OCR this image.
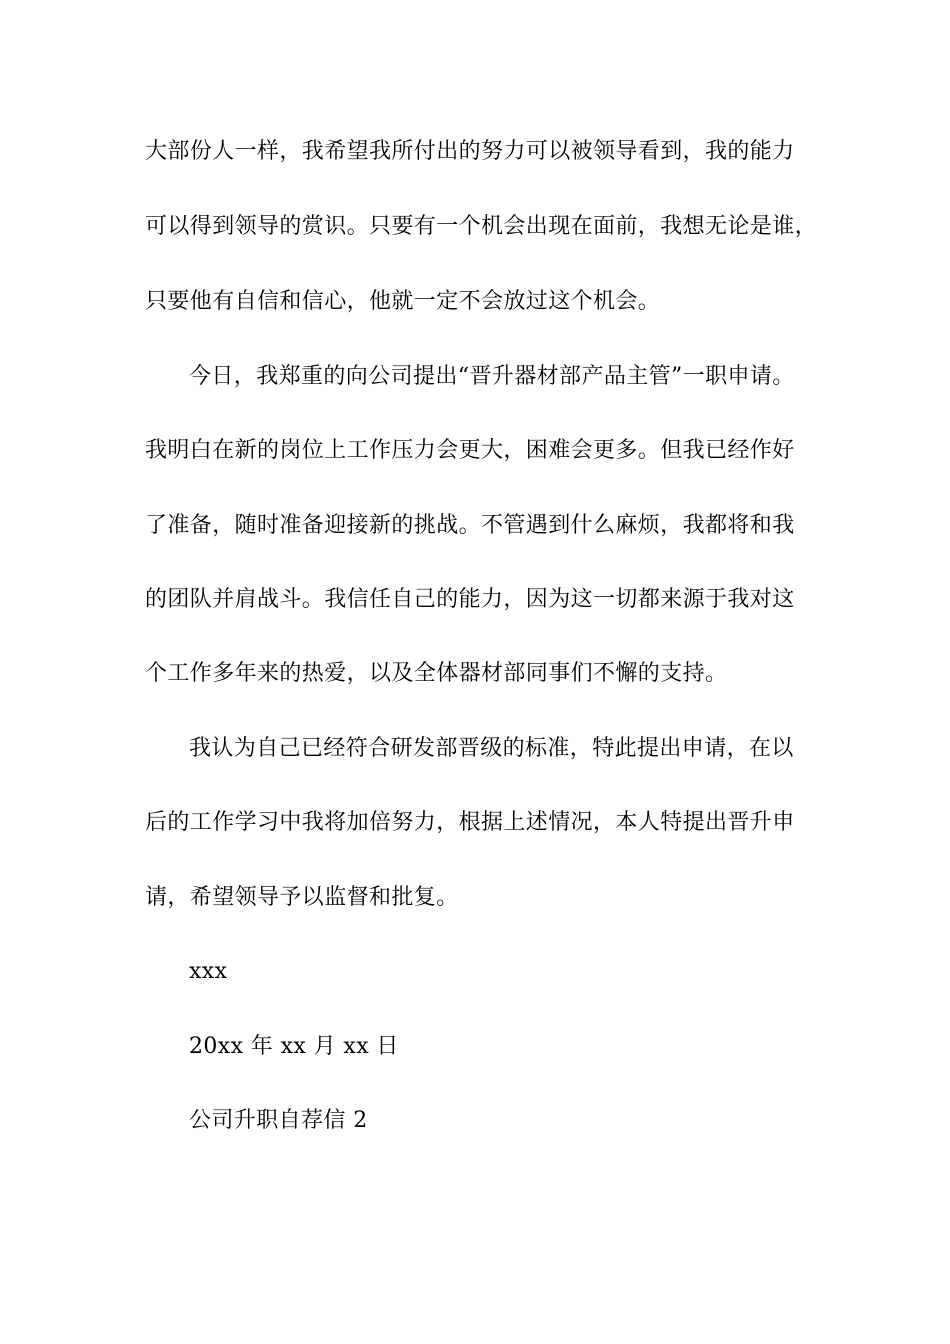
大部份人一样，我希望我所付出的努力可以被领导看到，我的能力
可以得到领导的赏识。只要有一个机会出现在面前，我想无论是谁，
只要他有自信和信心，他就一定不会放过这个机会。
今日，我郑重的向公司提出“晋升器材部产品主管”一职申请。
我明白在新的岗位上工作压力会更大，困难会更多。但我已经作好
了准备，随时准备迎接新的挑战。不管遇到什么麻烦，我都将和我
的团队并肩战斗。我信任自己的能力，因为这一切都来源于我对这
个工作多年来的热爱，以及全体器材部同事们不懈的支持。
我认为自己已经符合研发部晋级的标准，特此提出申请，在以
后的工作学习中我将加倍努力，根据上述情况，本人特提出晋升申
请，希望领导予以监督和批复。
xxx
20xx 年 xx 月 xx 日
公司升职自荐信 2
